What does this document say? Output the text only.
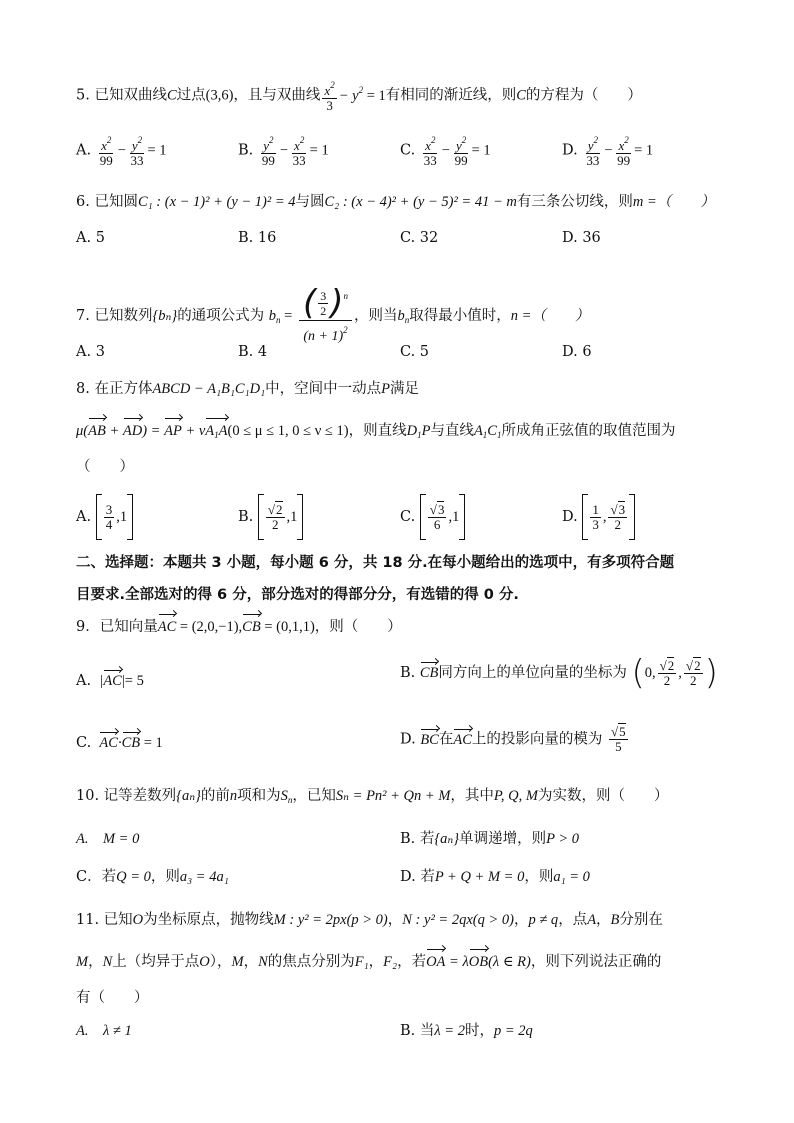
5. 已知双曲线C过点(3,6)，且与双曲线 $\frac{x^2}{3} - y^2 = 1$有相同的渐近线，则C的方程为（　　）
A. $\frac{x^2}{99} - \frac{y^2}{33} = 1$	B. $\frac{y^2}{99} - \frac{x^2}{33} = 1$	C. $\frac{x^2}{33} - \frac{y^2}{99} = 1$	D. $\frac{y^2}{33} - \frac{x^2}{99} = 1$
6. 已知圆C₁ : (x − 1)² + (y − 1)² = 4与圆C₂ : (x − 4)² + (y − 5)² = 41 − m有三条公切线，则m =（　　）
A. 5	B. 16	C. 32	D. 36
7. 已知数列{bₙ}的通项公式为 $b_n = \frac{( \frac{3}{2} )^n}{(n + 1)^2}$ ，则当$b_n$取得最小值时，n =（　　）
A. 3	B. 4	C. 5	D. 6
8. 在正方体ABCD − A₁B₁C₁D₁中，空间中一动点P满足
μ(AB + AD) = AP + $\nu A_1A(0 \le \mu \le 1$, 0 ≤ ν ≤ 1)，则直线$D_1P$与直线$A_1C_1$所成角正弦值的取值范围为
（　　）
A. $\frac{3}{4} ,1$	B. $\frac{√2}{2} ,1$	C. $\frac{√3}{6} ,1$	D. $\frac{1}{3}$ , $\frac{√3}{2}$
二、选择题：本题共 3 小题，每小题 6 分，共 18 分.在每小题给出的选项中，有多项符合题
目要求.全部选对的得 6 分，部分选对的得部分分，有选错的得 0 分.
9．已知向量AC = (2,0,−1),CB = (0,1,1)，则（　　）
A.  |AC|= 5	B. CB同方向上的单位向量的坐标为 (0, $\frac{√2}{2}$ , $\frac{√2}{2}$ )
C. AC·CB = 1	D. BC在AC上的投影向量的模为 $\frac{√5}{5}$
10. 记等差数列{aₙ}的前n项和为$S_n$，已知Sₙ = Pn² + Qn + M，其中P, Q, M为实数，则（　　）
A.　M = 0	B. 若{aₙ}单调递增，则P > 0
C．若Q = 0，则a₃ = 4a₁	D. 若P + Q + M = 0，则a₁ = 0
11. 已知O为坐标原点，抛物线M : y² = 2px(p > 0)，N : y² = 2qx(q > 0)，p ≠ q，点A，B分别在
M，N上（均异于点O），M，N的焦点分别为F₁，F₂，若OA = λOB(λ ∈ R)，则下列说法正确的
有（　　）
A.　λ ≠ 1	B. 当λ = 2时，p = 2q
